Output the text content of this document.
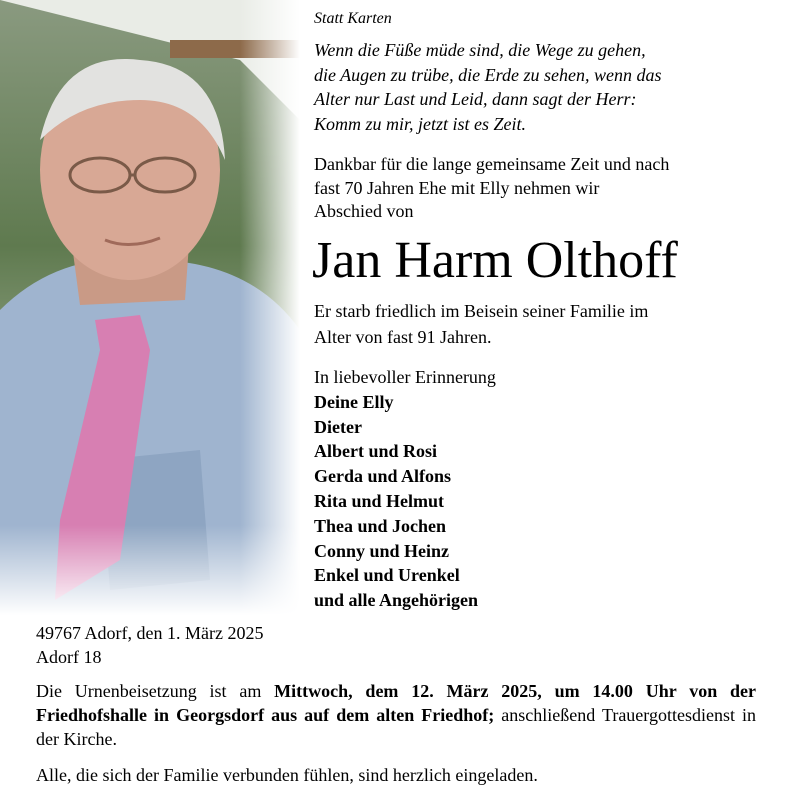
Statt Karten
Wenn die Füße müde sind, die Wege zu gehen,
die Augen zu trübe, die Erde zu sehen, wenn das
Alter nur Last und Leid, dann sagt der Herr:
Komm zu mir, jetzt ist es Zeit.
Dankbar für die lange gemeinsame Zeit und nach
fast 70 Jahren Ehe mit Elly nehmen wir
Abschied von
Jan Harm Olthoff
Er starb friedlich im Beisein seiner Familie im
Alter von fast 91 Jahren.
In liebevoller Erinnerung
Deine Elly
Dieter
Albert und Rosi
Gerda und Alfons
Rita und Helmut
Thea und Jochen
Conny und Heinz
Enkel und Urenkel
und alle Angehörigen
49767 Adorf, den 1. März 2025
Adorf 18
Die Urnenbeisetzung ist am Mittwoch, dem 12. März 2025, um 14.00 Uhr von der Friedhofshalle in Georgsdorf aus auf dem alten Friedhof; anschließend Trauergottesdienst in der Kirche.
Alle, die sich der Familie verbunden fühlen, sind herzlich eingeladen.
